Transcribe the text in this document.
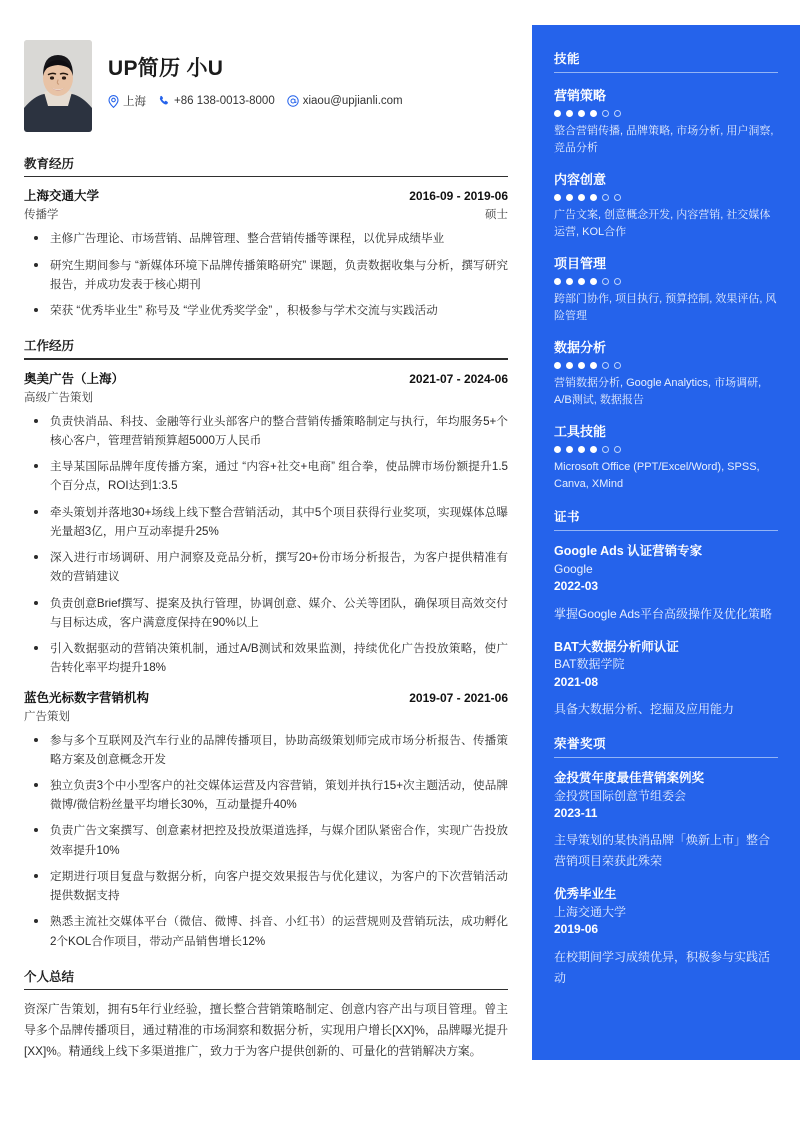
UP简历 小U
上海 +86 138-0013-8000 xiaou@upjianli.com
教育经历
上海交通大学	2016-09 - 2019-06
传播学	硕士
主修广告理论、市场营销、品牌管理、整合营销传播等课程，以优异成绩毕业
研究生期间参与 “新媒体环境下品牌传播策略研究” 课题，负责数据收集与分析，撰写研究报告，并成功发表于核心期刊
荣获 “优秀毕业生” 称号及 “学业优秀奖学金” ，积极参与学术交流与实践活动
工作经历
奥美广告（上海）	2021-07 - 2024-06
高级广告策划
负责快消品、科技、金融等行业头部客户的整合营销传播策略制定与执行，年均服务5+个核心客户，管理营销预算超5000万人民币
主导某国际品牌年度传播方案，通过 “内容+社交+电商” 组合拳，使品牌市场份额提升1.5个百分点，ROI达到1:3.5
牵头策划并落地30+场线上线下整合营销活动，其中5个项目获得行业奖项，实现媒体总曝光量超3亿，用户互动率提升25%
深入进行市场调研、用户洞察及竞品分析，撰写20+份市场分析报告，为客户提供精准有效的营销建议
负责创意Brief撰写、提案及执行管理，协调创意、媒介、公关等团队，确保项目高效交付与目标达成，客户满意度保持在90%以上
引入数据驱动的营销决策机制，通过A/B测试和效果监测，持续优化广告投放策略，使广告转化率平均提升18%
蓝色光标数字营销机构	2019-07 - 2021-06
广告策划
参与多个互联网及汽车行业的品牌传播项目，协助高级策划师完成市场分析报告、传播策略方案及创意概念开发
独立负责3个中小型客户的社交媒体运营及内容营销，策划并执行15+次主题活动，使品牌微博/微信粉丝量平均增长30%，互动量提升40%
负责广告文案撰写、创意素材把控及投放渠道选择，与媒介团队紧密合作，实现广告投放效率提升10%
定期进行项目复盘与数据分析，向客户提交效果报告与优化建议，为客户的下次营销活动提供数据支持
熟悉主流社交媒体平台（微信、微博、抖音、小红书）的运营规则及营销玩法，成功孵化2个KOL合作项目，带动产品销售增长12%
个人总结
资深广告策划，拥有5年行业经验，擅长整合营销策略制定、创意内容产出与项目管理。曾主导多个品牌传播项目，通过精准的市场洞察和数据分析，实现用户增长[XX]%，品牌曝光提升[XX]%。精通线上线下多渠道推广，致力于为客户提供创新的、可量化的营销解决方案。
技能
营销策略
整合营销传播, 品牌策略, 市场分析, 用户洞察, 竞品分析
内容创意
广告文案, 创意概念开发, 内容营销, 社交媒体运营, KOL合作
项目管理
跨部门协作, 项目执行, 预算控制, 效果评估, 风险管理
数据分析
营销数据分析, Google Analytics, 市场调研, A/B测试, 数据报告
工具技能
Microsoft Office (PPT/Excel/Word), SPSS, Canva, XMind
证书
Google Ads 认证营销专家
Google
2022-03
掌握Google Ads平台高级操作及优化策略
BAT大数据分析师认证
BAT数据学院
2021-08
具备大数据分析、挖掘及应用能力
荣誉奖项
金投赏年度最佳营销案例奖
金投赏国际创意节组委会
2023-11
主导策划的某快消品牌「焕新上市」整合营销项目荣获此殊荣
优秀毕业生
上海交通大学
2019-06
在校期间学习成绩优异，积极参与实践活动
